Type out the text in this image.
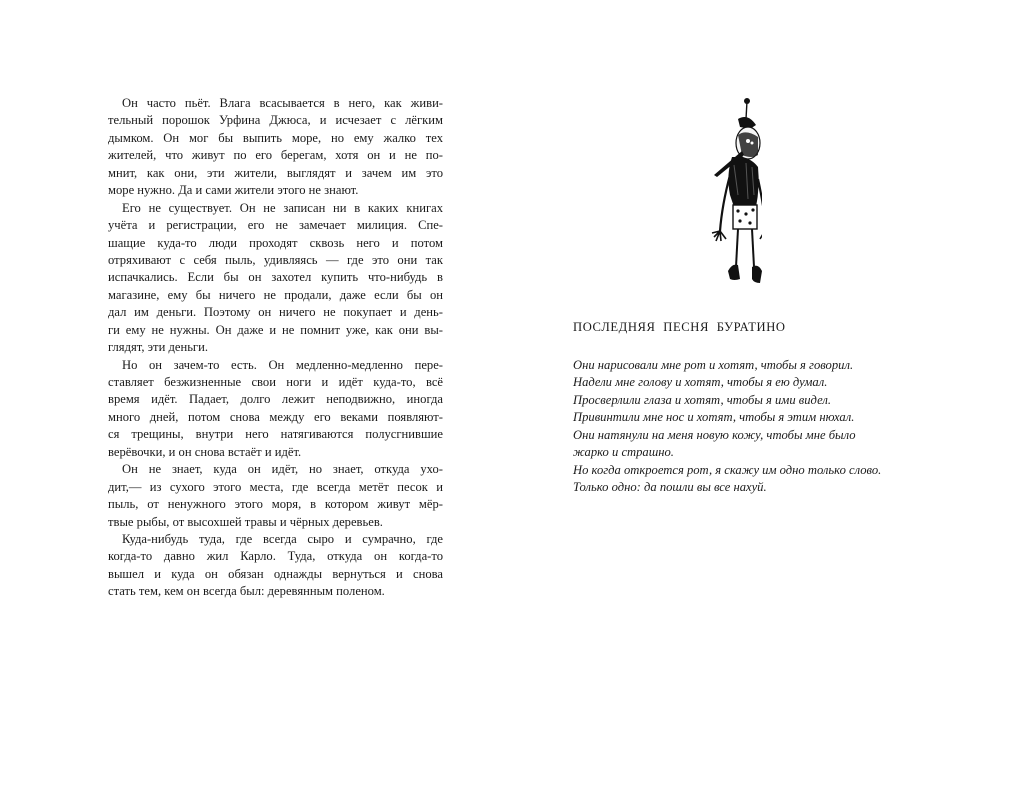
Он часто пьёт. Влага всасывается в него, как живи-
тельный порошок Урфина Джюса, и исчезает с лёгким
дымком. Он мог бы выпить море, но ему жалко тех
жителей, что живут по его берегам, хотя он и не по-
мнит, как они, эти жители, выглядят и зачем им это
море нужно. Да и сами жители этого не знают.
Его не существует. Он не записан ни в каких книгах
учёта и регистрации, его не замечает милиция. Спе-
шащие куда-то люди проходят сквозь него и потом
отряхивают с себя пыль, удивляясь — где это они так
испачкались. Если бы он захотел купить что-нибудь в
магазине, ему бы ничего не продали, даже если бы он
дал им деньги. Поэтому он ничего не покупает и день-
ги ему не нужны. Он даже и не помнит уже, как они вы-
глядят, эти деньги.
Но он зачем-то есть. Он медленно-медленно пере-
ставляет безжизненные свои ноги и идёт куда-то, всё
время идёт. Падает, долго лежит неподвижно, иногда
много дней, потом снова между его веками появляют-
ся трещины, внутри него натягиваются полусгнившие
верёвочки, и он снова встаёт и идёт.
Он не знает, куда он идёт, но знает, откуда ухо-
дит,— из сухого этого места, где всегда метёт песок и
пыль, от ненужного этого моря, в котором живут мёр-
твые рыбы, от высохшей травы и чёрных деревьев.
Куда-нибудь туда, где всегда сыро и сумрачно, где
когда-то давно жил Карло. Туда, откуда он когда-то
вышел и куда он обязан однажды вернуться и снова
стать тем, кем он всегда был: деревянным поленом.
ПОСЛЕДНЯЯ ПЕСНЯ БУРАТИНО
Они нарисовали мне рот и хотят, чтобы я говорил.
Надели мне голову и хотят, чтобы я ею думал.
Просверлили глаза и хотят, чтобы я ими видел.
Привинтили мне нос и хотят, чтобы я этим нюхал.
Они натянули на меня новую кожу, чтобы мне было
жарко и страшно.
Но когда откроется рот, я скажу им одно только слово.
Только одно: да пошли вы все нахуй.
